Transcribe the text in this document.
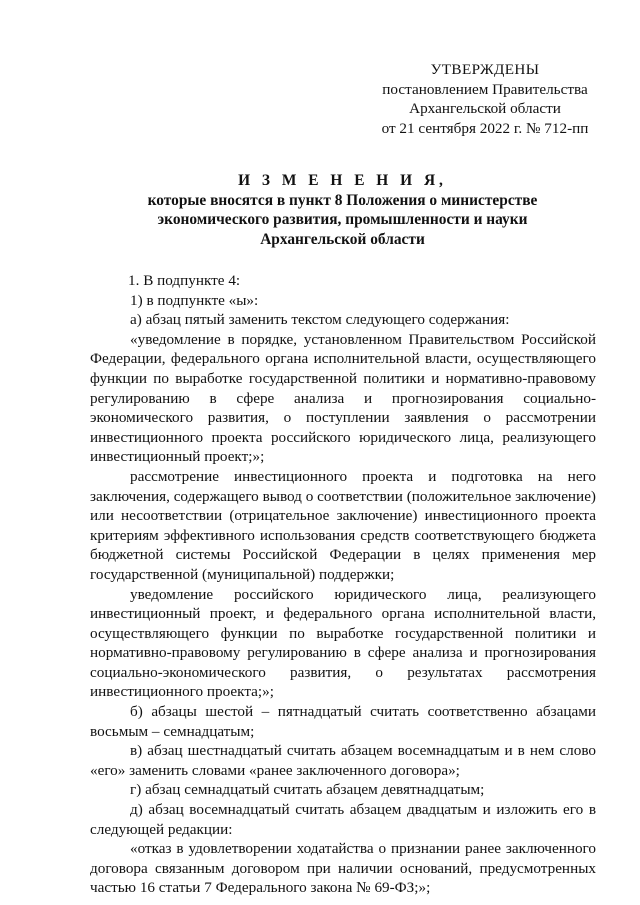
УТВЕРЖДЕНЫ
постановлением Правительства
Архангельской области
от 21 сентября 2022 г. № 712-пп
И З М Е Н Е Н И Я,
которые вносятся в пункт 8 Положения о министерстве
экономического развития, промышленности и науки
Архангельской области

1. В подпункте 4:

1) в подпункте «ы»:

а) абзац пятый заменить текстом следующего содержания:

«уведомление в порядке, установленном Правительством Российской Федерации, федерального органа исполнительной власти, осуществляющего функции по выработке государственной политики и нормативно-правовому регулированию в сфере анализа и прогнозирования социально-экономического развития, о поступлении заявления о рассмотрении инвестиционного проекта российского юридического лица, реализующего инвестиционный проект;»;

рассмотрение инвестиционного проекта и подготовка на него заключения, содержащего вывод о соответствии (положительное заключение) или несоответствии (отрицательное заключение) инвестиционного проекта критериям эффективного использования средств соответствующего бюджета бюджетной системы Российской Федерации в целях применения мер государственной (муниципальной) поддержки;

уведомление российского юридического лица, реализующего инвестиционный проект, и федерального органа исполнительной власти, осуществляющего функции по выработке государственной политики и нормативно-правовому регулированию в сфере анализа и прогнозирования социально-экономического развития, о результатах рассмотрения инвестиционного проекта;»;

б) абзацы шестой – пятнадцатый считать соответственно абзацами восьмым – семнадцатым;

в) абзац шестнадцатый считать абзацем восемнадцатым и в нем слово «его» заменить словами «ранее заключенного договора»;

г) абзац семнадцатый считать абзацем девятнадцатым;

д) абзац восемнадцатый считать абзацем двадцатым и изложить его в следующей редакции:

«отказ в удовлетворении ходатайства о признании ранее заключенного договора связанным договором при наличии оснований, предусмотренных частью 16 статьи 7 Федерального закона № 69-ФЗ;»;
